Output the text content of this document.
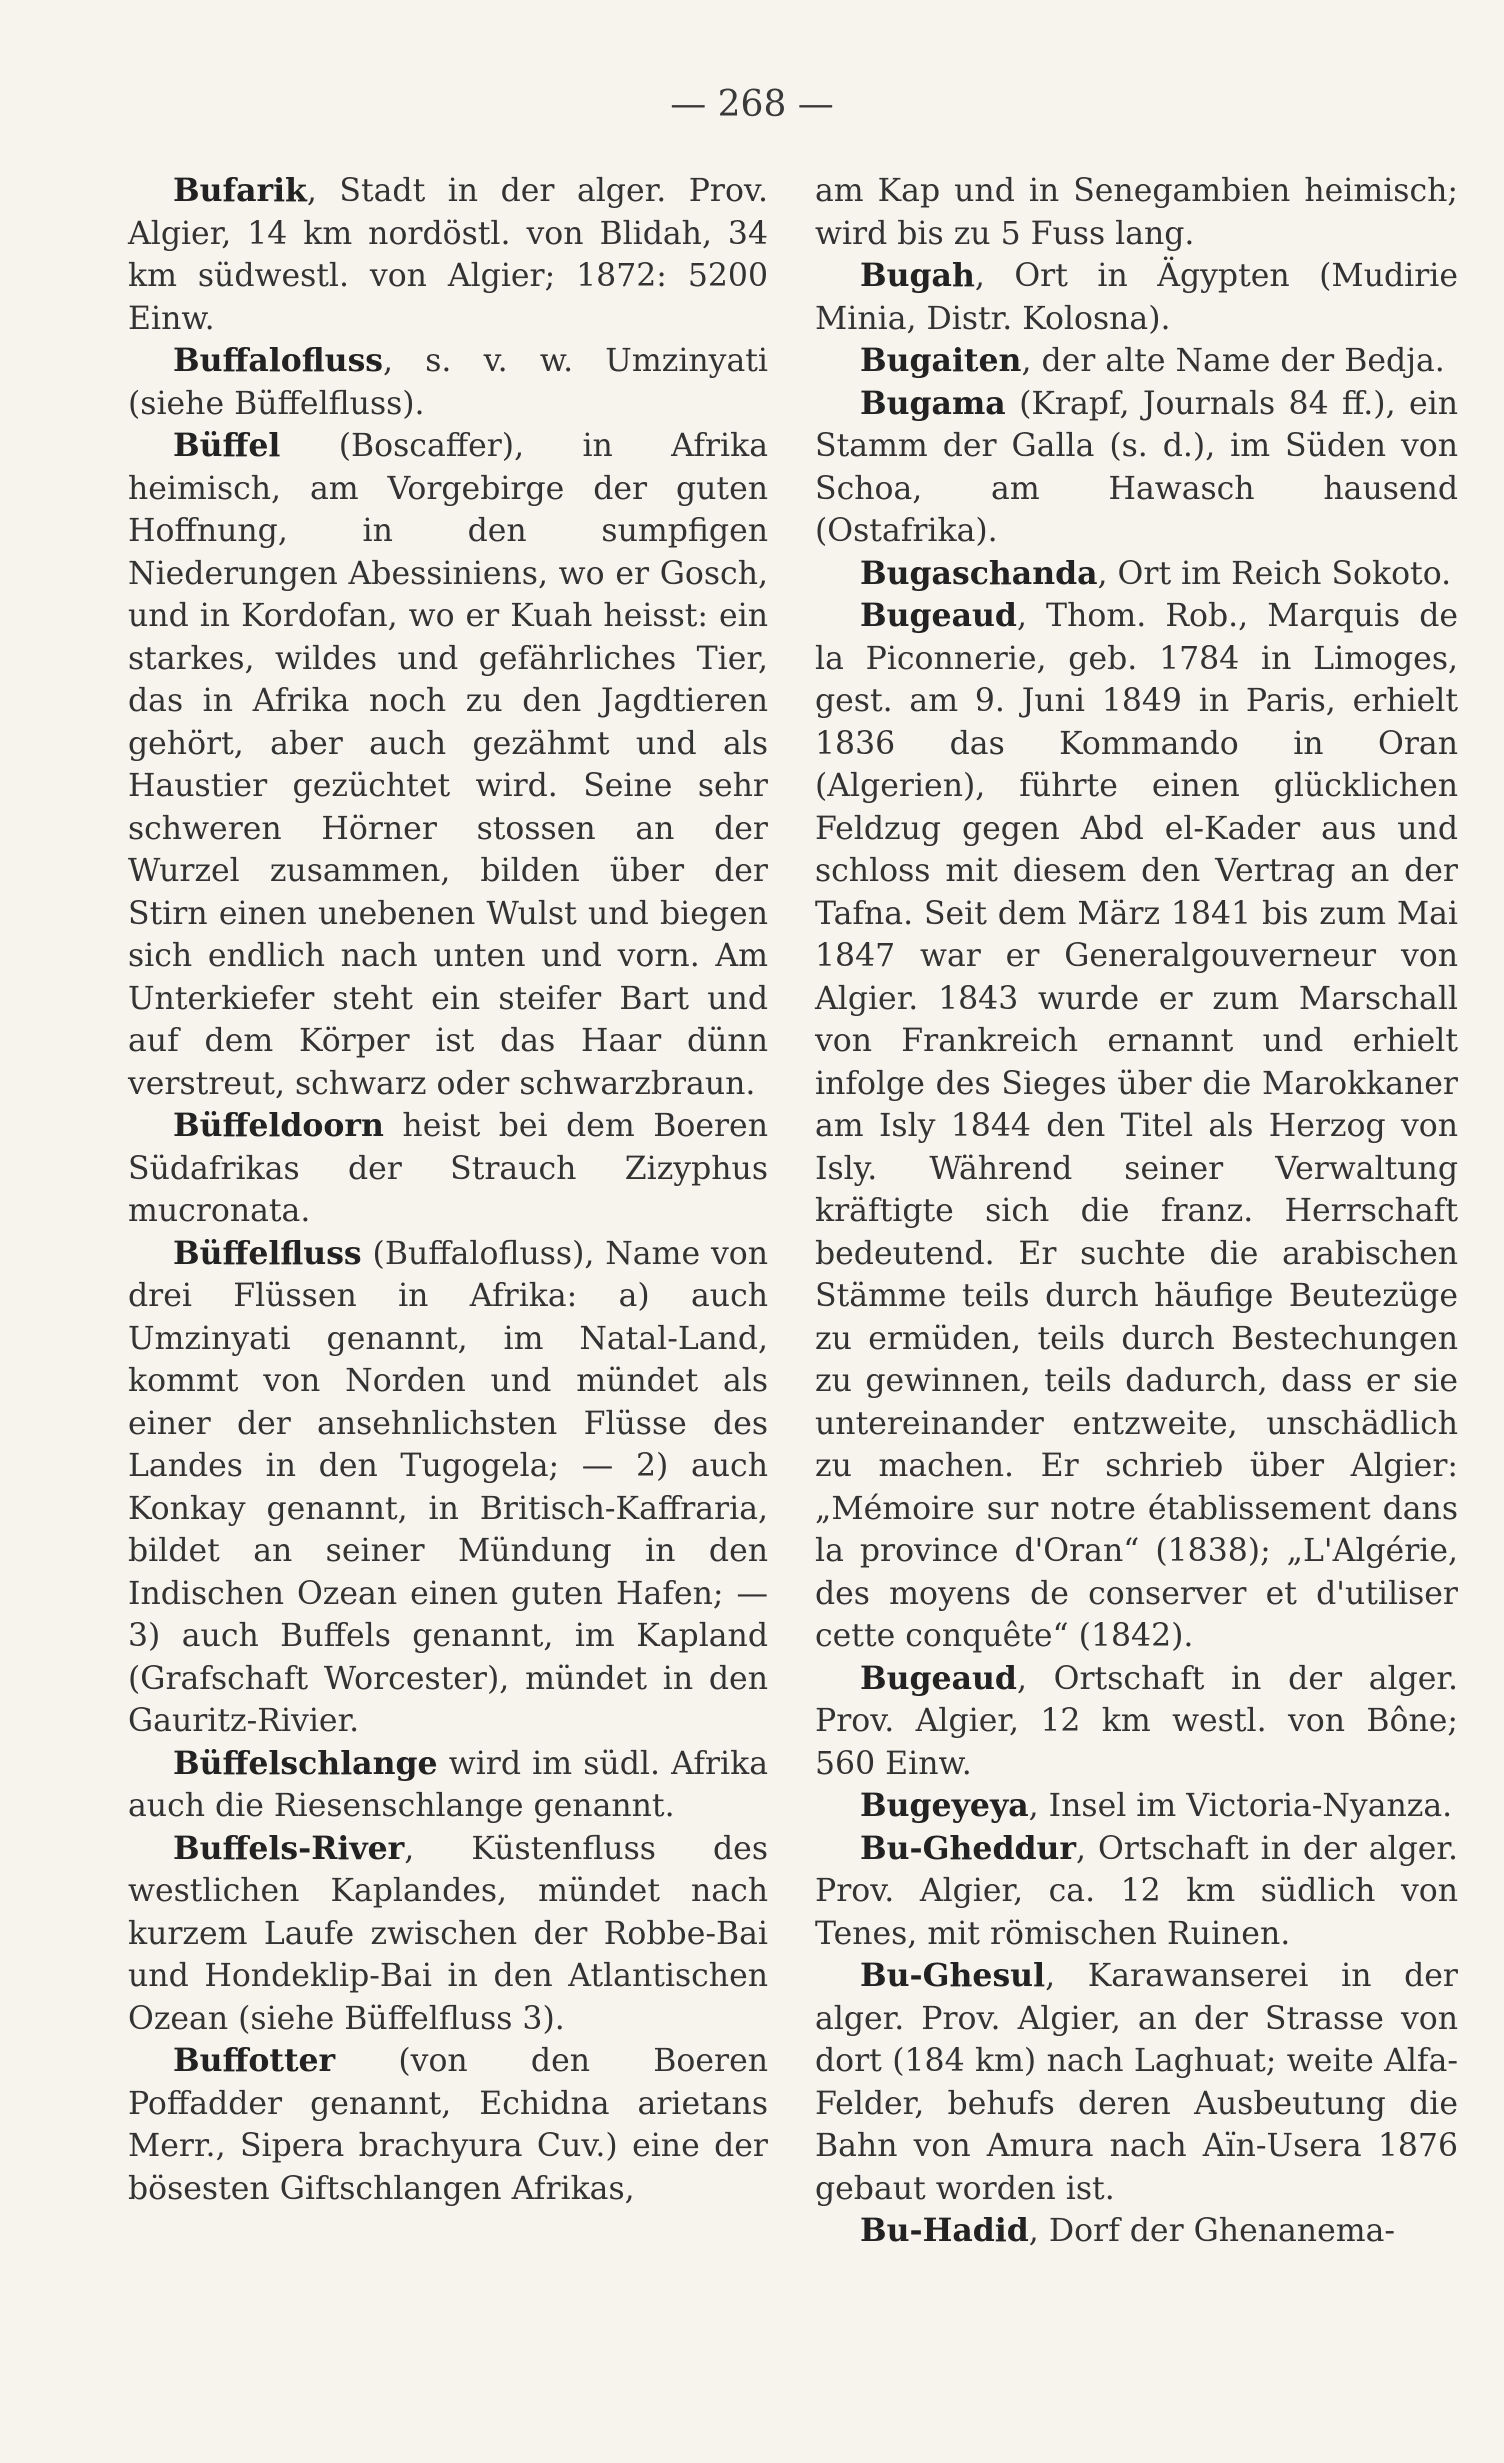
— 268 —

Bufarik, Stadt in der alger. Prov. Algier, 14 km nordöstl. von Blidah, 34 km südwestl. von Algier; 1872: 5200 Einw.

Buffalofluss, s. v. w. Umzinyati (siehe Büffelfluss).

Büffel (Boscaffer), in Afrika heimisch, am Vorgebirge der guten Hoffnung, in den sumpfigen Niederungen Abessiniens, wo er Gosch, und in Kordofan, wo er Kuah heisst: ein starkes, wildes und gefährliches Tier, das in Afrika noch zu den Jagdtieren gehört, aber auch gezähmt und als Haustier gezüchtet wird. Seine sehr schweren Hörner stossen an der Wurzel zusammen, bilden über der Stirn einen unebenen Wulst und biegen sich endlich nach unten und vorn. Am Unterkiefer steht ein steifer Bart und auf dem Körper ist das Haar dünn verstreut, schwarz oder schwarzbraun.

Büffeldoorn heist bei dem Boeren Südafrikas der Strauch Zizyphus mucronata.

Büffelfluss (Buffalofluss), Name von drei Flüssen in Afrika: a) auch Umzinyati genannt, im Natal-Land, kommt von Norden und mündet als einer der ansehnlichsten Flüsse des Landes in den Tugogela; — 2) auch Konkay genannt, in Britisch-Kaffraria, bildet an seiner Mündung in den Indischen Ozean einen guten Hafen; — 3) auch Buffels genannt, im Kapland (Grafschaft Worcester), mündet in den Gauritz-Rivier.

Büffelschlange wird im südl. Afrika auch die Riesenschlange genannt.

Buffels-River, Küstenfluss des westlichen Kaplandes, mündet nach kurzem Laufe zwischen der Robbe-Bai und Hondeklip-Bai in den Atlantischen Ozean (siehe Büffelfluss 3).

Buffotter (von den Boeren Poffadder genannt, Echidna arietans Merr., Sipera brachyura Cuv.) eine der bösesten Giftschlangen Afrikas,

am Kap und in Senegambien heimisch; wird bis zu 5 Fuss lang.

Bugah, Ort in Ägypten (Mudirie Minia, Distr. Kolosna).

Bugaiten, der alte Name der Bedja.

Bugama (Krapf, Journals 84 ff.), ein Stamm der Galla (s. d.), im Süden von Schoa, am Hawasch hausend (Ostafrika).

Bugaschanda, Ort im Reich Sokoto.

Bugeaud, Thom. Rob., Marquis de la Piconnerie, geb. 1784 in Limoges, gest. am 9. Juni 1849 in Paris, erhielt 1836 das Kommando in Oran (Algerien), führte einen glücklichen Feldzug gegen Abd el-Kader aus und schloss mit diesem den Vertrag an der Tafna. Seit dem März 1841 bis zum Mai 1847 war er Generalgouverneur von Algier. 1843 wurde er zum Marschall von Frankreich ernannt und erhielt infolge des Sieges über die Marokkaner am Isly 1844 den Titel als Herzog von Isly. Während seiner Verwaltung kräftigte sich die franz. Herrschaft bedeutend. Er suchte die arabischen Stämme teils durch häufige Beutezüge zu ermüden, teils durch Bestechungen zu gewinnen, teils dadurch, dass er sie untereinander entzweite, unschädlich zu machen. Er schrieb über Algier: „Mémoire sur notre établissement dans la province d'Oran“ (1838); „L'Algérie, des moyens de conserver et d'utiliser cette conquête“ (1842).

Bugeaud, Ortschaft in der alger. Prov. Algier, 12 km westl. von Bône; 560 Einw.

Bugeyeya, Insel im Victoria-Nyanza.

Bu-Gheddur, Ortschaft in der alger. Prov. Algier, ca. 12 km südlich von Tenes, mit römischen Ruinen.

Bu-Ghesul, Karawanserei in der alger. Prov. Algier, an der Strasse von dort (184 km) nach Laghuat; weite Alfa-Felder, behufs deren Ausbeutung die Bahn von Amura nach Aïn-Usera 1876 gebaut worden ist.

Bu-Hadid, Dorf der Ghenanema-
